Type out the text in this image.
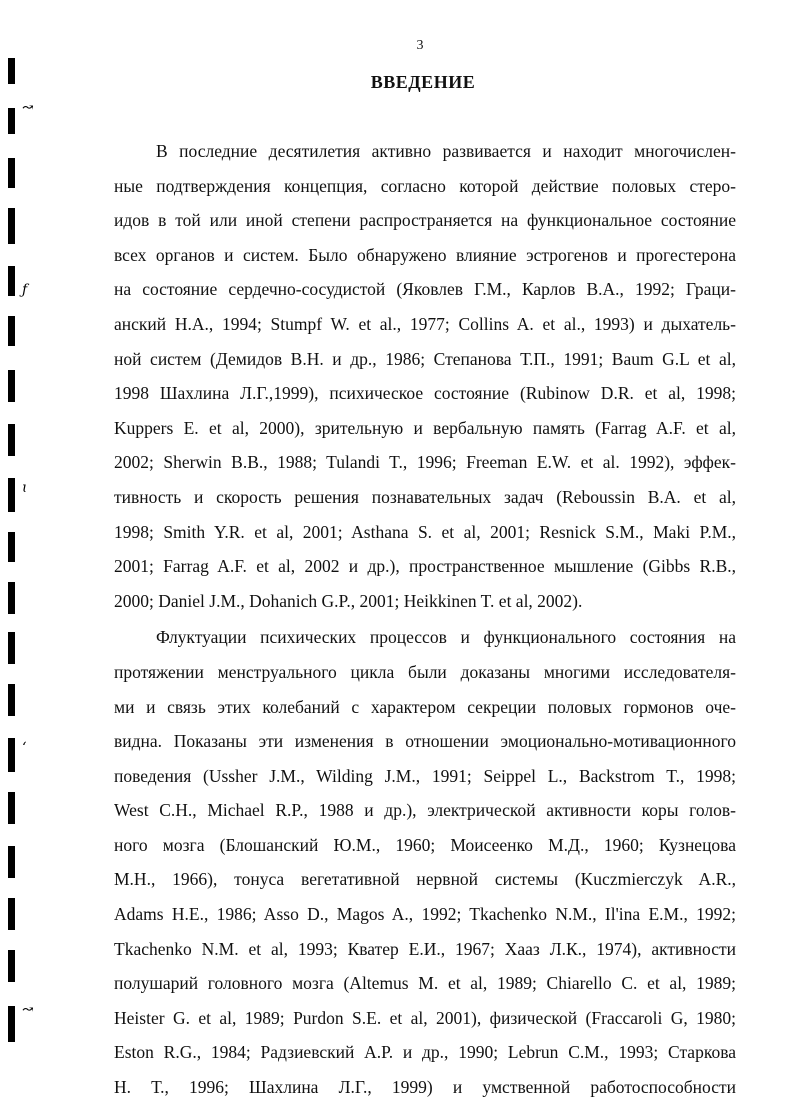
↝
ƒ
ɩ
ʻ
↝
3
ВВЕДЕНИЕ
В последние десятилетия активно развивается и находит многочислен-
ные подтверждения концепция, согласно которой действие половых стеро-
идов в той или иной степени распространяется на функциональное состояние
всех органов и систем. Было обнаружено влияние эстрогенов и прогестерона
на состояние сердечно-сосудистой (Яковлев Г.М., Карлов В.А., 1992; Граци-
анский Н.А., 1994; Stumpf W. et al., 1977; Collins A. et al., 1993) и дыхатель-
ной систем (Демидов В.Н. и др., 1986; Степанова Т.П., 1991; Baum G.L et al,
1998 Шахлина Л.Г.,1999), психическое состояние (Rubinow D.R. et al, 1998;
Kuppers E. et al, 2000), зрительную и вербальную память (Farrag A.F. et al,
2002; Sherwin B.B., 1988; Tulandi T., 1996; Freeman E.W. et al. 1992), эффек-
тивность и скорость решения познавательных задач (Reboussin B.A. et al,
1998; Smith Y.R. et al, 2001; Asthana S. et al, 2001; Resnick S.M., Maki P.M.,
2001; Farrag A.F. et al, 2002 и др.), пространственное мышление (Gibbs R.B.,
2000; Daniel J.M., Dohanich G.P., 2001; Heikkinen T. et al, 2002).
Флуктуации психических процессов и функционального состояния на
протяжении менструального цикла были доказаны многими исследователя-
ми и связь этих колебаний с характером секреции половых гормонов оче-
видна. Показаны эти изменения в отношении эмоционально-мотивационного
поведения (Ussher J.M., Wilding J.M., 1991; Seippel L., Backstrom T., 1998;
West C.H., Michael R.P., 1988 и др.), электрической активности коры голов-
ного мозга (Блошанский Ю.М., 1960; Моисеенко М.Д., 1960; Кузнецова
М.Н., 1966), тонуса вегетативной нервной системы (Kuczmierczyk A.R.,
Adams H.E., 1986; Asso D., Magos A., 1992; Tkachenko N.M., Il'ina E.M., 1992;
Tkachenko N.M. et al, 1993; Кватер Е.И., 1967; Хааз Л.К., 1974), активности
полушарий головного мозга (Altemus M. et al, 1989; Chiarello C. et al, 1989;
Heister G. et al, 1989; Purdon S.E. et al, 2001), физической (Fraccaroli G, 1980;
Eston R.G., 1984; Радзиевский А.Р. и др., 1990; Lebrun C.M., 1993; Старкова
Н. Т., 1996; Шахлина Л.Г., 1999) и умственной работоспособности
